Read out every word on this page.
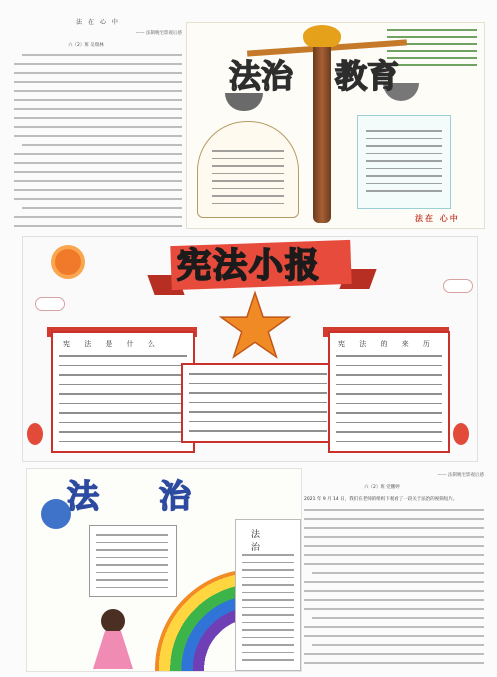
法 在 心 中
—— 法制晚宅影观后感
六（2）班 吴瑞林
法治 教育
法在 心中
宪法小报
宪 法 是 什 么	宪 法 的 来 历
法 治
法 治
—— 法制晚宅影观后感
六（2）班 党鹏婷
2021 年 9 月 14 日，我们在老师的组织下观看了一段关于法治的视频短片。
